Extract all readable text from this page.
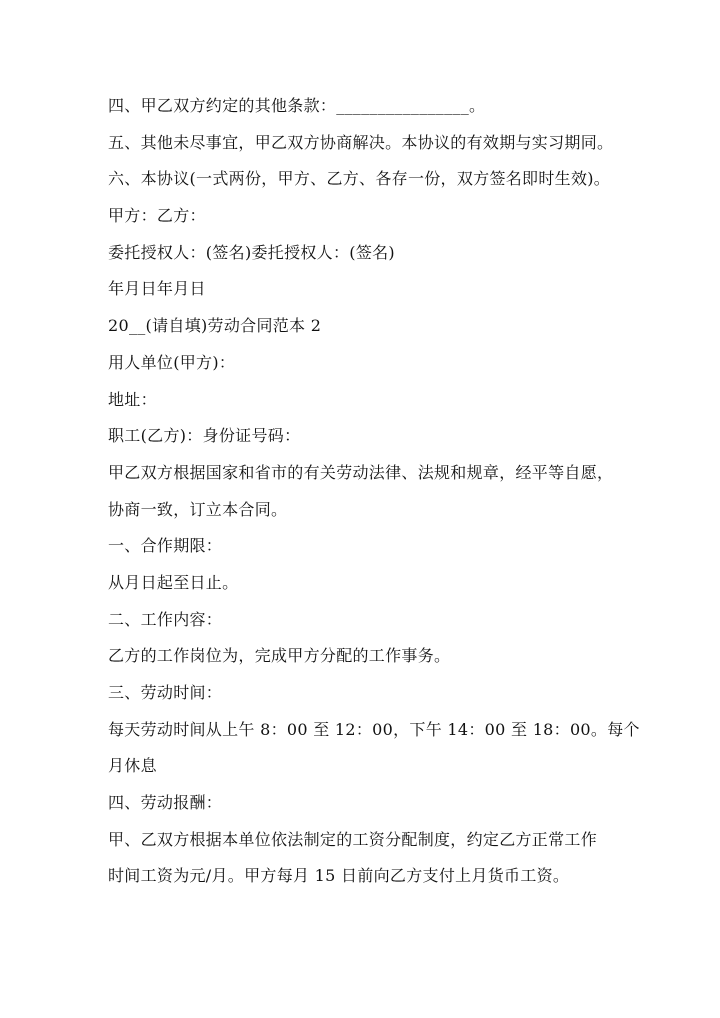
四、甲乙双方约定的其他条款：________________。
五、其他未尽事宜，甲乙双方协商解决。本协议的有效期与实习期同。
六、本协议(一式两份，甲方、乙方、各存一份，双方签名即时生效)。
甲方：乙方：
委托授权人：(签名)委托授权人：(签名)
年月日年月日
20__(请自填)劳动合同范本 2
用人单位(甲方)：
地址：
职工(乙方)：身份证号码：
甲乙双方根据国家和省市的有关劳动法律、法规和规章，经平等自愿，
协商一致，订立本合同。
一、合作期限：
从月日起至日止。
二、工作内容：
乙方的工作岗位为，完成甲方分配的工作事务。
三、劳动时间：
每天劳动时间从上午 8：00 至 12：00，下午 14：00 至 18：00。每个
月休息
四、劳动报酬：
甲、乙双方根据本单位依法制定的工资分配制度，约定乙方正常工作
时间工资为元/月。甲方每月 15 日前向乙方支付上月货币工资。
